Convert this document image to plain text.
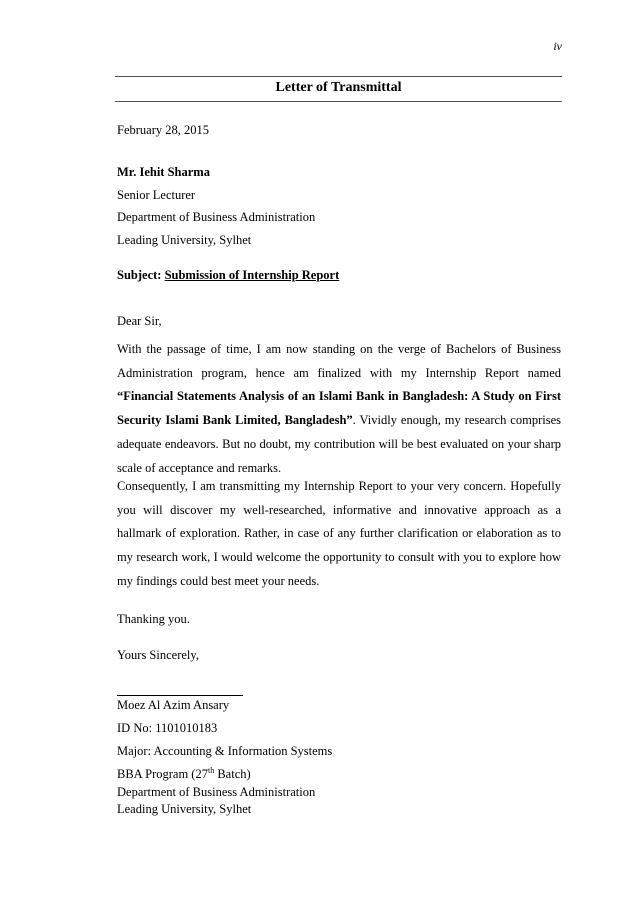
iv
Letter of Transmittal
February 28, 2015
Mr. Iehit Sharma
Senior Lecturer
Department of Business Administration
Leading University, Sylhet
Subject: Submission of Internship Report
Dear Sir,
With the passage of time, I am now standing on the verge of Bachelors of Business Administration program, hence am finalized with my Internship Report named “Financial Statements Analysis of an Islami Bank in Bangladesh: A Study on First Security Islami Bank Limited, Bangladesh”. Vividly enough, my research comprises adequate endeavors. But no doubt, my contribution will be best evaluated on your sharp scale of acceptance and remarks.
Consequently, I am transmitting my Internship Report to your very concern. Hopefully you will discover my well-researched, informative and innovative approach as a hallmark of exploration. Rather, in case of any further clarification or elaboration as to my research work, I would welcome the opportunity to consult with you to explore how my findings could best meet your needs.
Thanking you.
Yours Sincerely,
Moez Al Azim Ansary
ID No: 1101010183
Major: Accounting & Information Systems
BBA Program (27th Batch)
Department of Business Administration
Leading University, Sylhet
